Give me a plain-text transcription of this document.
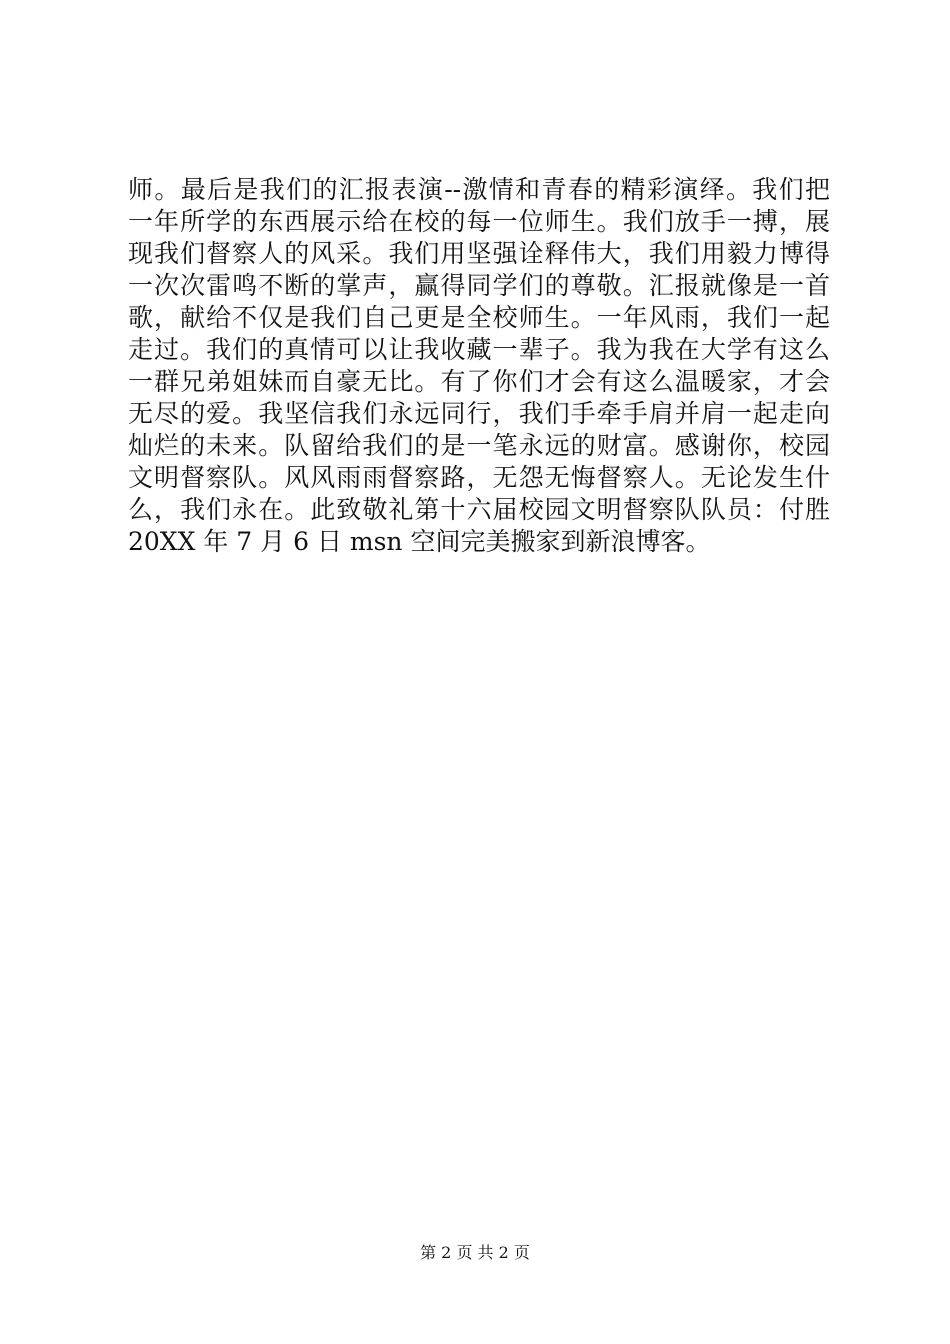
师。最后是我们的汇报表演--激情和青春的精彩演绎。我们把
一年所学的东西展示给在校的每一位师生。我们放手一搏，展
现我们督察人的风采。我们用坚强诠释伟大，我们用毅力博得
一次次雷鸣不断的掌声，赢得同学们的尊敬。汇报就像是一首
歌，献给不仅是我们自己更是全校师生。一年风雨，我们一起
走过。我们的真情可以让我收藏一辈子。我为我在大学有这么
一群兄弟姐妹而自豪无比。有了你们才会有这么温暖家，才会
无尽的爱。我坚信我们永远同行，我们手牵手肩并肩一起走向
灿烂的未来。队留给我们的是一笔永远的财富。感谢你，校园
文明督察队。风风雨雨督察路，无怨无悔督察人。无论发生什
么，我们永在。此致敬礼第十六届校园文明督察队队员：付胜
20XX 年 7 月 6 日 msn 空间完美搬家到新浪博客。
第 2 页 共 2 页
